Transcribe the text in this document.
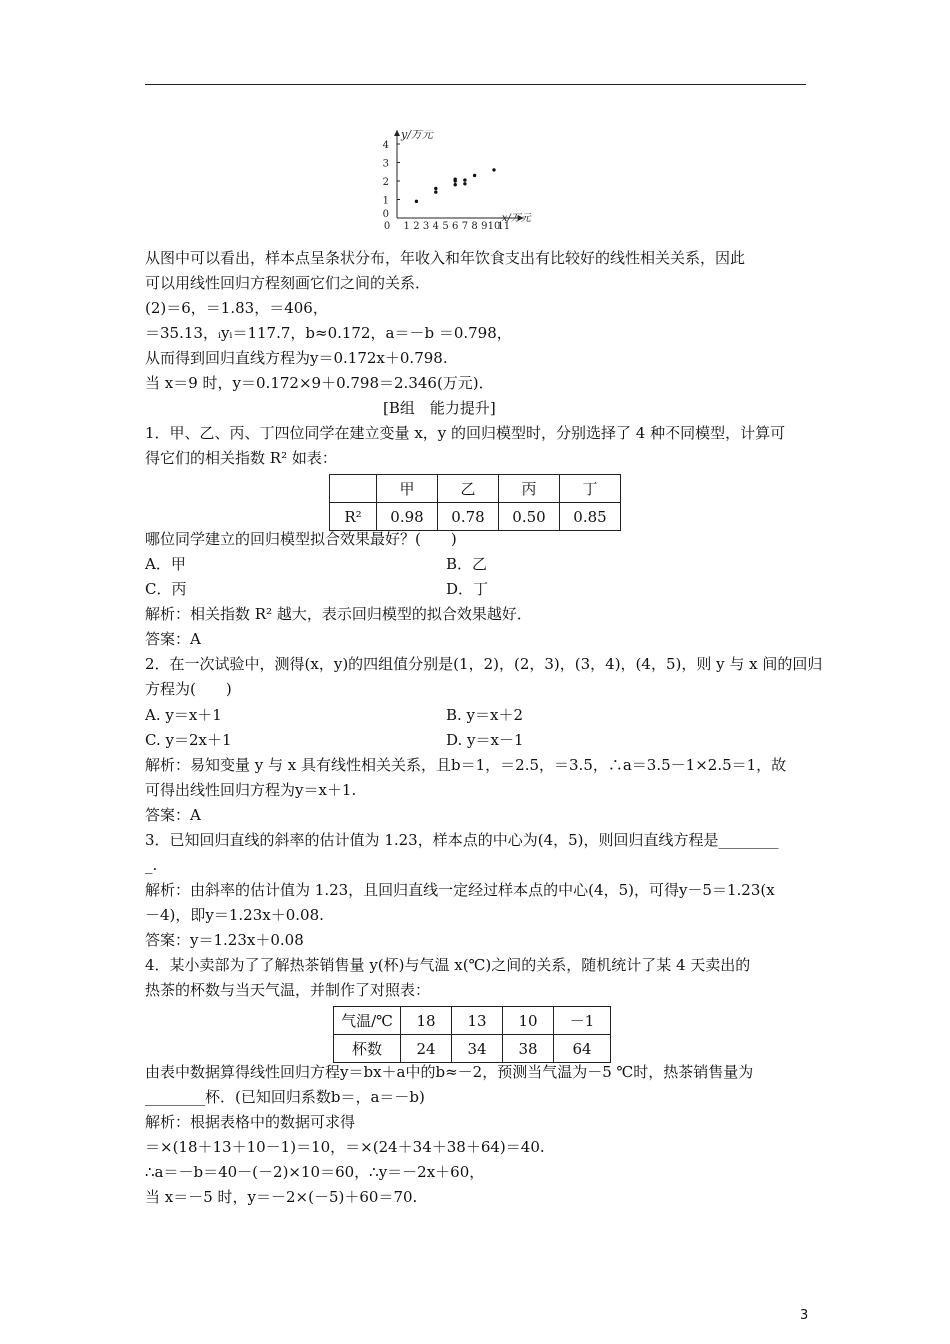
0 1 2 3 4 5 6 7 8 9 10
11
1
2
3
4
0
y/万元
x/万元
从图中可以看出，样本点呈条状分布，年收入和年饮食支出有比较好的线性相关关系，因此
可以用线性回归方程刻画它们之间的关系．
(2)＝6，＝1.83，＝406，
＝35.13，ᵢyᵢ＝117.7，b≈0.172，a＝－b ＝0.798，
从而得到回归直线方程为y＝0.172x＋0.798.
当 x＝9 时，y＝0.172×9＋0.798＝2.346(万元)．
[B组　能力提升]
1．甲、乙、丙、丁四位同学在建立变量 x，y 的回归模型时，分别选择了 4 种不同模型，计算可
得它们的相关指数 R² 如表：
	甲	乙	丙	丁
R²	0.98	0.78	0.50	0.85
哪位同学建立的回归模型拟合效果最好？(　　)
A．甲	B．乙
C．丙	D．丁
解析：相关指数 R² 越大，表示回归模型的拟合效果越好．
答案：A
2．在一次试验中，测得(x，y)的四组值分别是(1，2)，(2，3)，(3，4)，(4，5)，则 y 与 x 间的回归
方程为(　　)
A. y＝x＋1	B. y＝x＋2
C. y＝2x＋1	D. y＝x－1
解析：易知变量 y 与 x 具有线性相关关系，且b＝1，＝2.5，＝3.5，∴a＝3.5－1×2.5＝1，故
可得出线性回归方程为y＝x＋1.
答案：A
3．已知回归直线的斜率的估计值为 1.23，样本点的中心为(4，5)，则回归直线方程是________
_.
解析：由斜率的估计值为 1.23，且回归直线一定经过样本点的中心(4，5)，可得y－5＝1.23(x
－4)，即y＝1.23x＋0.08.
答案：y＝1.23x＋0.08
4．某小卖部为了了解热茶销售量 y(杯)与气温 x(℃)之间的关系，随机统计了某 4 天卖出的
热茶的杯数与当天气温，并制作了对照表：
气温/℃	18	13	10	－1
杯数	24	34	38	64
由表中数据算得线性回归方程y＝bx＋a中的b≈－2，预测当气温为－5 ℃时，热茶销售量为
________杯．(已知回归系数b＝，a＝－b)
解析：根据表格中的数据可求得
＝×(18＋13＋10－1)＝10，＝×(24＋34＋38＋64)＝40.
∴a＝－b＝40－(－2)×10＝60，∴y＝－2x＋60，
当 x＝－5 时，y＝－2×(－5)＋60＝70.
3
